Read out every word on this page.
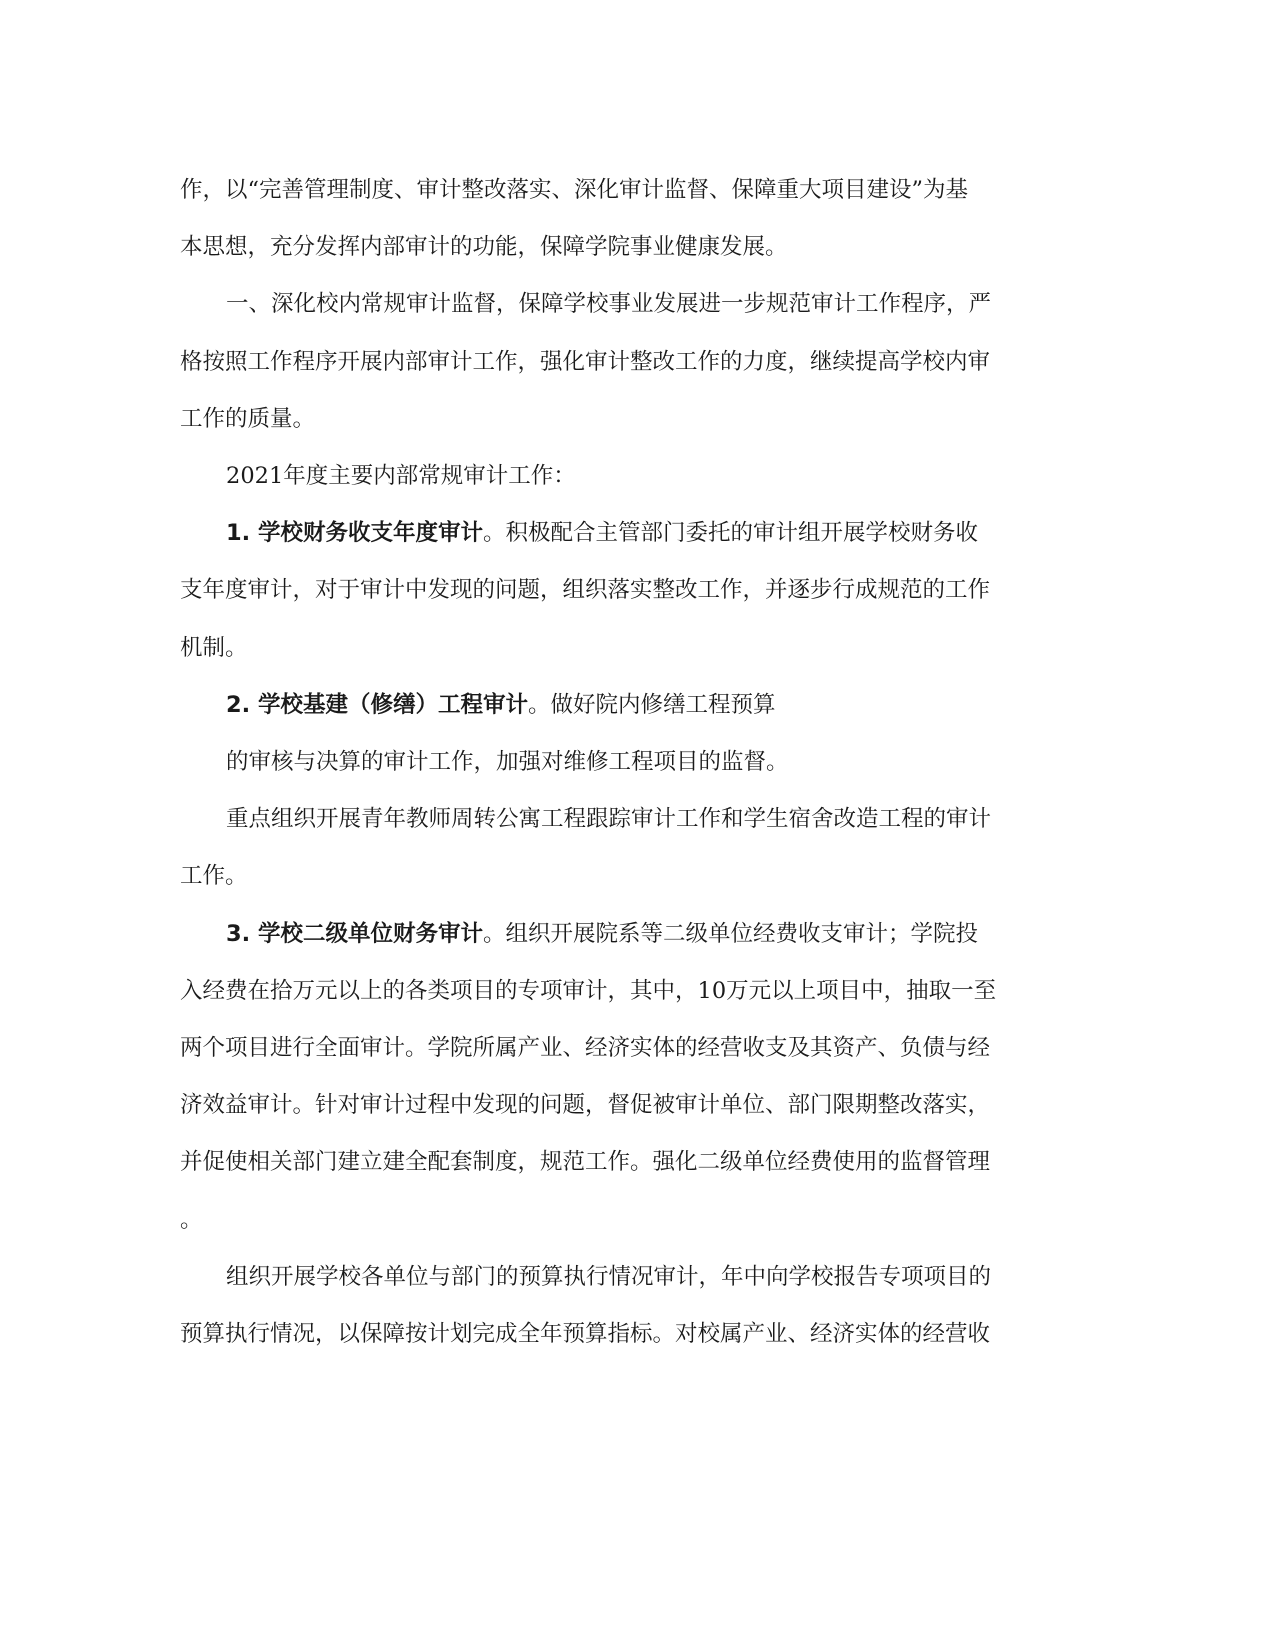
作，以“完善管理制度、审计整改落实、深化审计监督、保障重大项目建设”为基
本思想，充分发挥内部审计的功能，保障学院事业健康发展。
一、深化校内常规审计监督，保障学校事业发展进一步规范审计工作程序，严
格按照工作程序开展内部审计工作，强化审计整改工作的力度，继续提高学校内审
工作的质量。
2021年度主要内部常规审计工作：
1. 学校财务收支年度审计。积极配合主管部门委托的审计组开展学校财务收
支年度审计，对于审计中发现的问题，组织落实整改工作，并逐步行成规范的工作
机制。
2. 学校基建（修缮）工程审计。做好院内修缮工程预算
的审核与决算的审计工作，加强对维修工程项目的监督。
重点组织开展青年教师周转公寓工程跟踪审计工作和学生宿舍改造工程的审计
工作。
3. 学校二级单位财务审计。组织开展院系等二级单位经费收支审计；学院投
入经费在拾万元以上的各类项目的专项审计，其中，10万元以上项目中，抽取一至
两个项目进行全面审计。学院所属产业、经济实体的经营收支及其资产、负债与经
济效益审计。针对审计过程中发现的问题，督促被审计单位、部门限期整改落实，
并促使相关部门建立建全配套制度，规范工作。强化二级单位经费使用的监督管理
。
组织开展学校各单位与部门的预算执行情况审计，年中向学校报告专项项目的
预算执行情况，以保障按计划完成全年预算指标。对校属产业、经济实体的经营收
